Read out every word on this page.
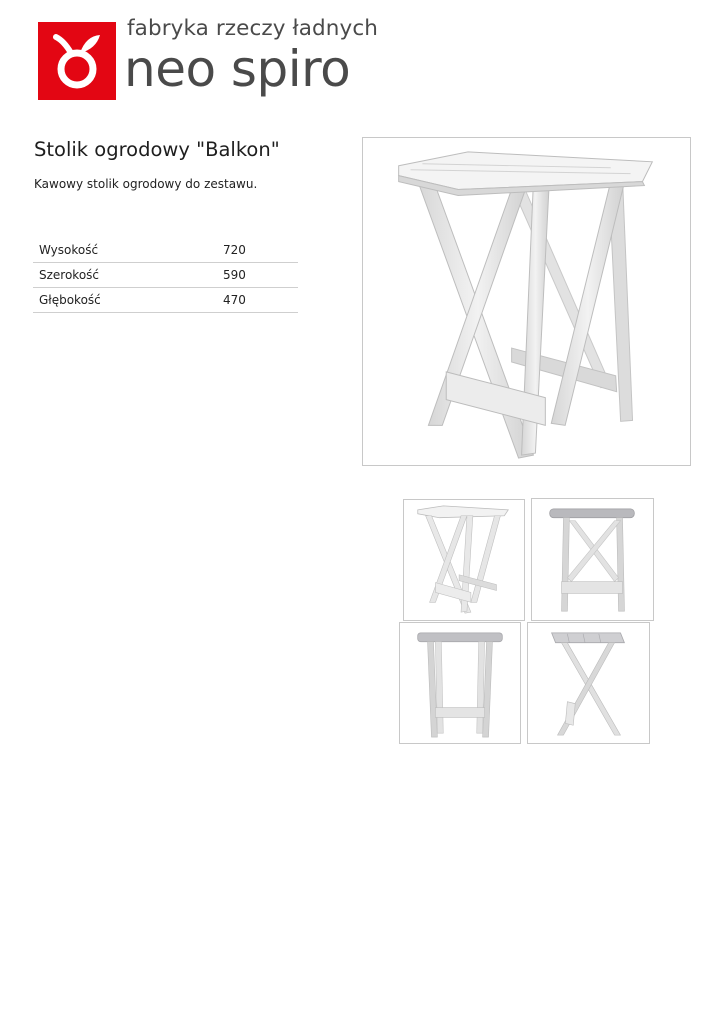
fabryka rzeczy ładnych
neo spiro
Stolik ogrodowy "Balkon"

Kawowy stolik ogrodowy do zestawu.

Wysokość	720
Szerokość	590
Głębokość	470
